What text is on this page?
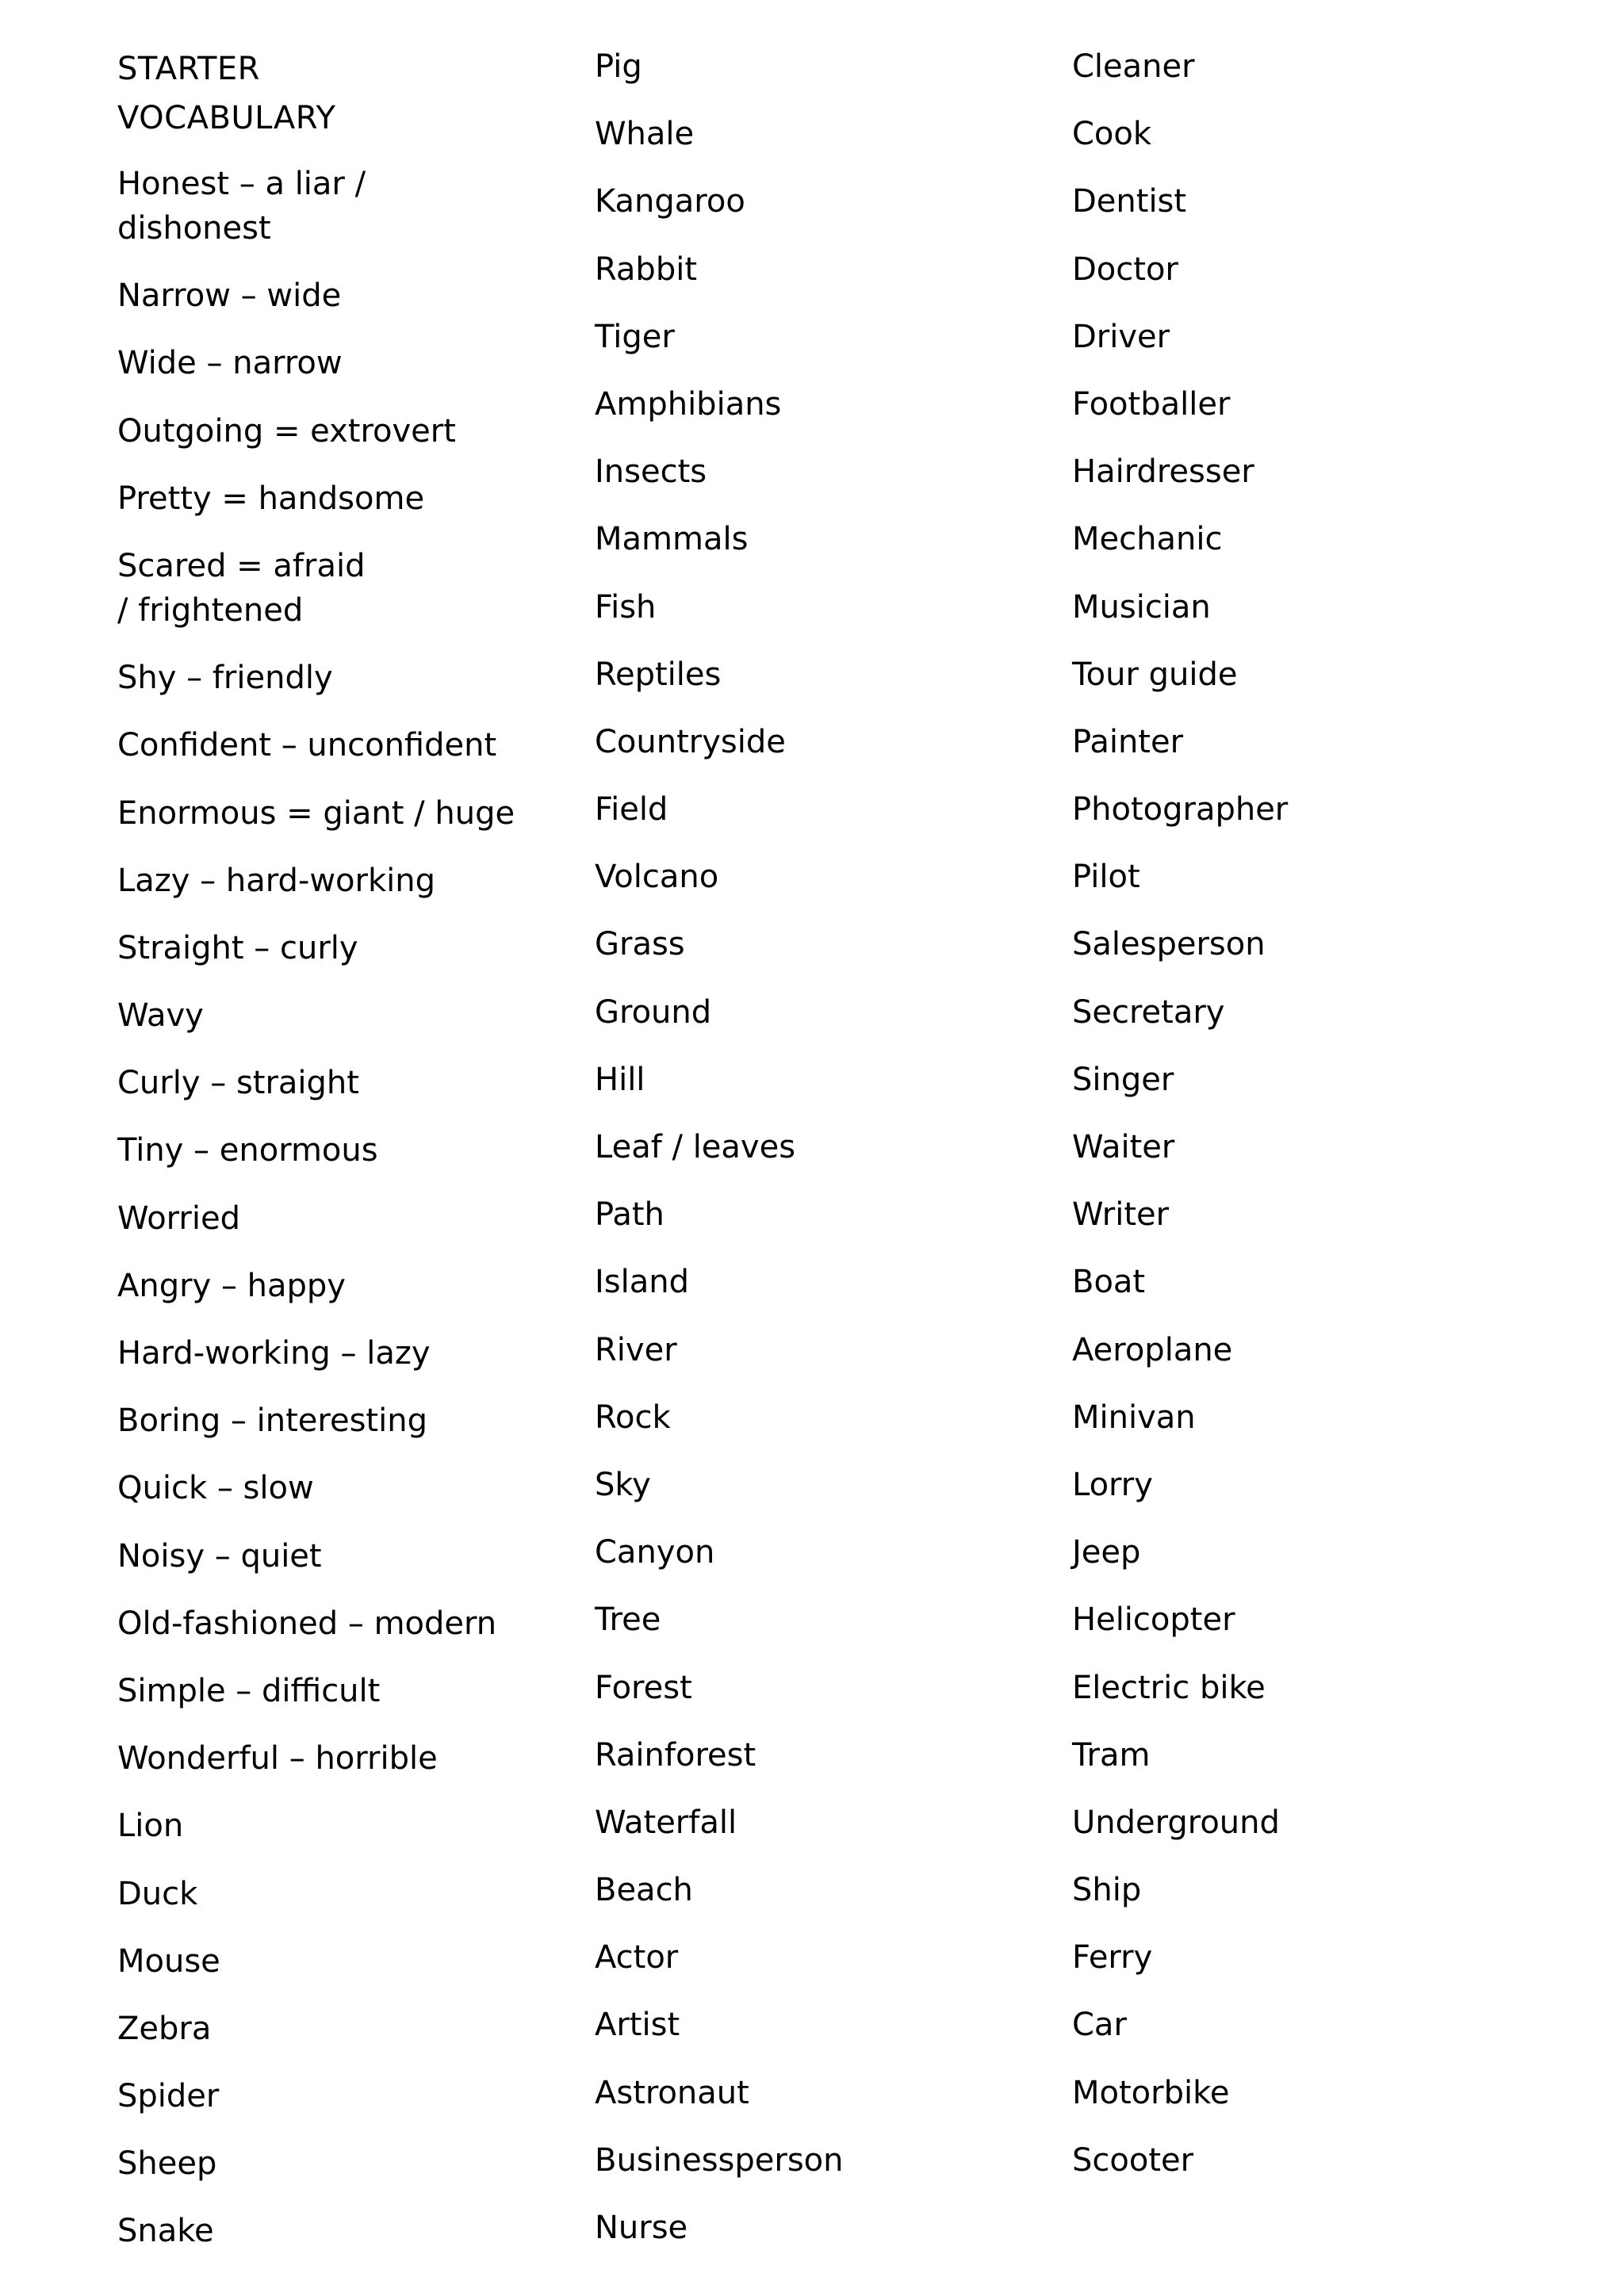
STARTER VOCABULARY
Honest – a liar / dishonest
Narrow – wide
Wide – narrow
Outgoing = extrovert
Pretty = handsome
Scared = afraid / frightened
Shy – friendly
Confident – unconfident
Enormous = giant / huge
Lazy – hard-working
Straight – curly
Wavy
Curly – straight
Tiny – enormous
Worried
Angry – happy
Hard-working – lazy
Boring – interesting
Quick – slow
Noisy – quiet
Old-fashioned – modern
Simple – difficult
Wonderful – horrible
Lion
Duck
Mouse
Zebra
Spider
Sheep
Snake
Pig
Whale
Kangaroo
Rabbit
Tiger
Amphibians
Insects
Mammals
Fish
Reptiles
Countryside
Field
Volcano
Grass
Ground
Hill
Leaf / leaves
Path
Island
River
Rock
Sky
Canyon
Tree
Forest
Rainforest
Waterfall
Beach
Actor
Artist
Astronaut
Businessperson
Nurse
Cleaner
Cook
Dentist
Doctor
Driver
Footballer
Hairdresser
Mechanic
Musician
Tour guide
Painter
Photographer
Pilot
Salesperson
Secretary
Singer
Waiter
Writer
Boat
Aeroplane
Minivan
Lorry
Jeep
Helicopter
Electric bike
Tram
Underground
Ship
Ferry
Car
Motorbike
Scooter
